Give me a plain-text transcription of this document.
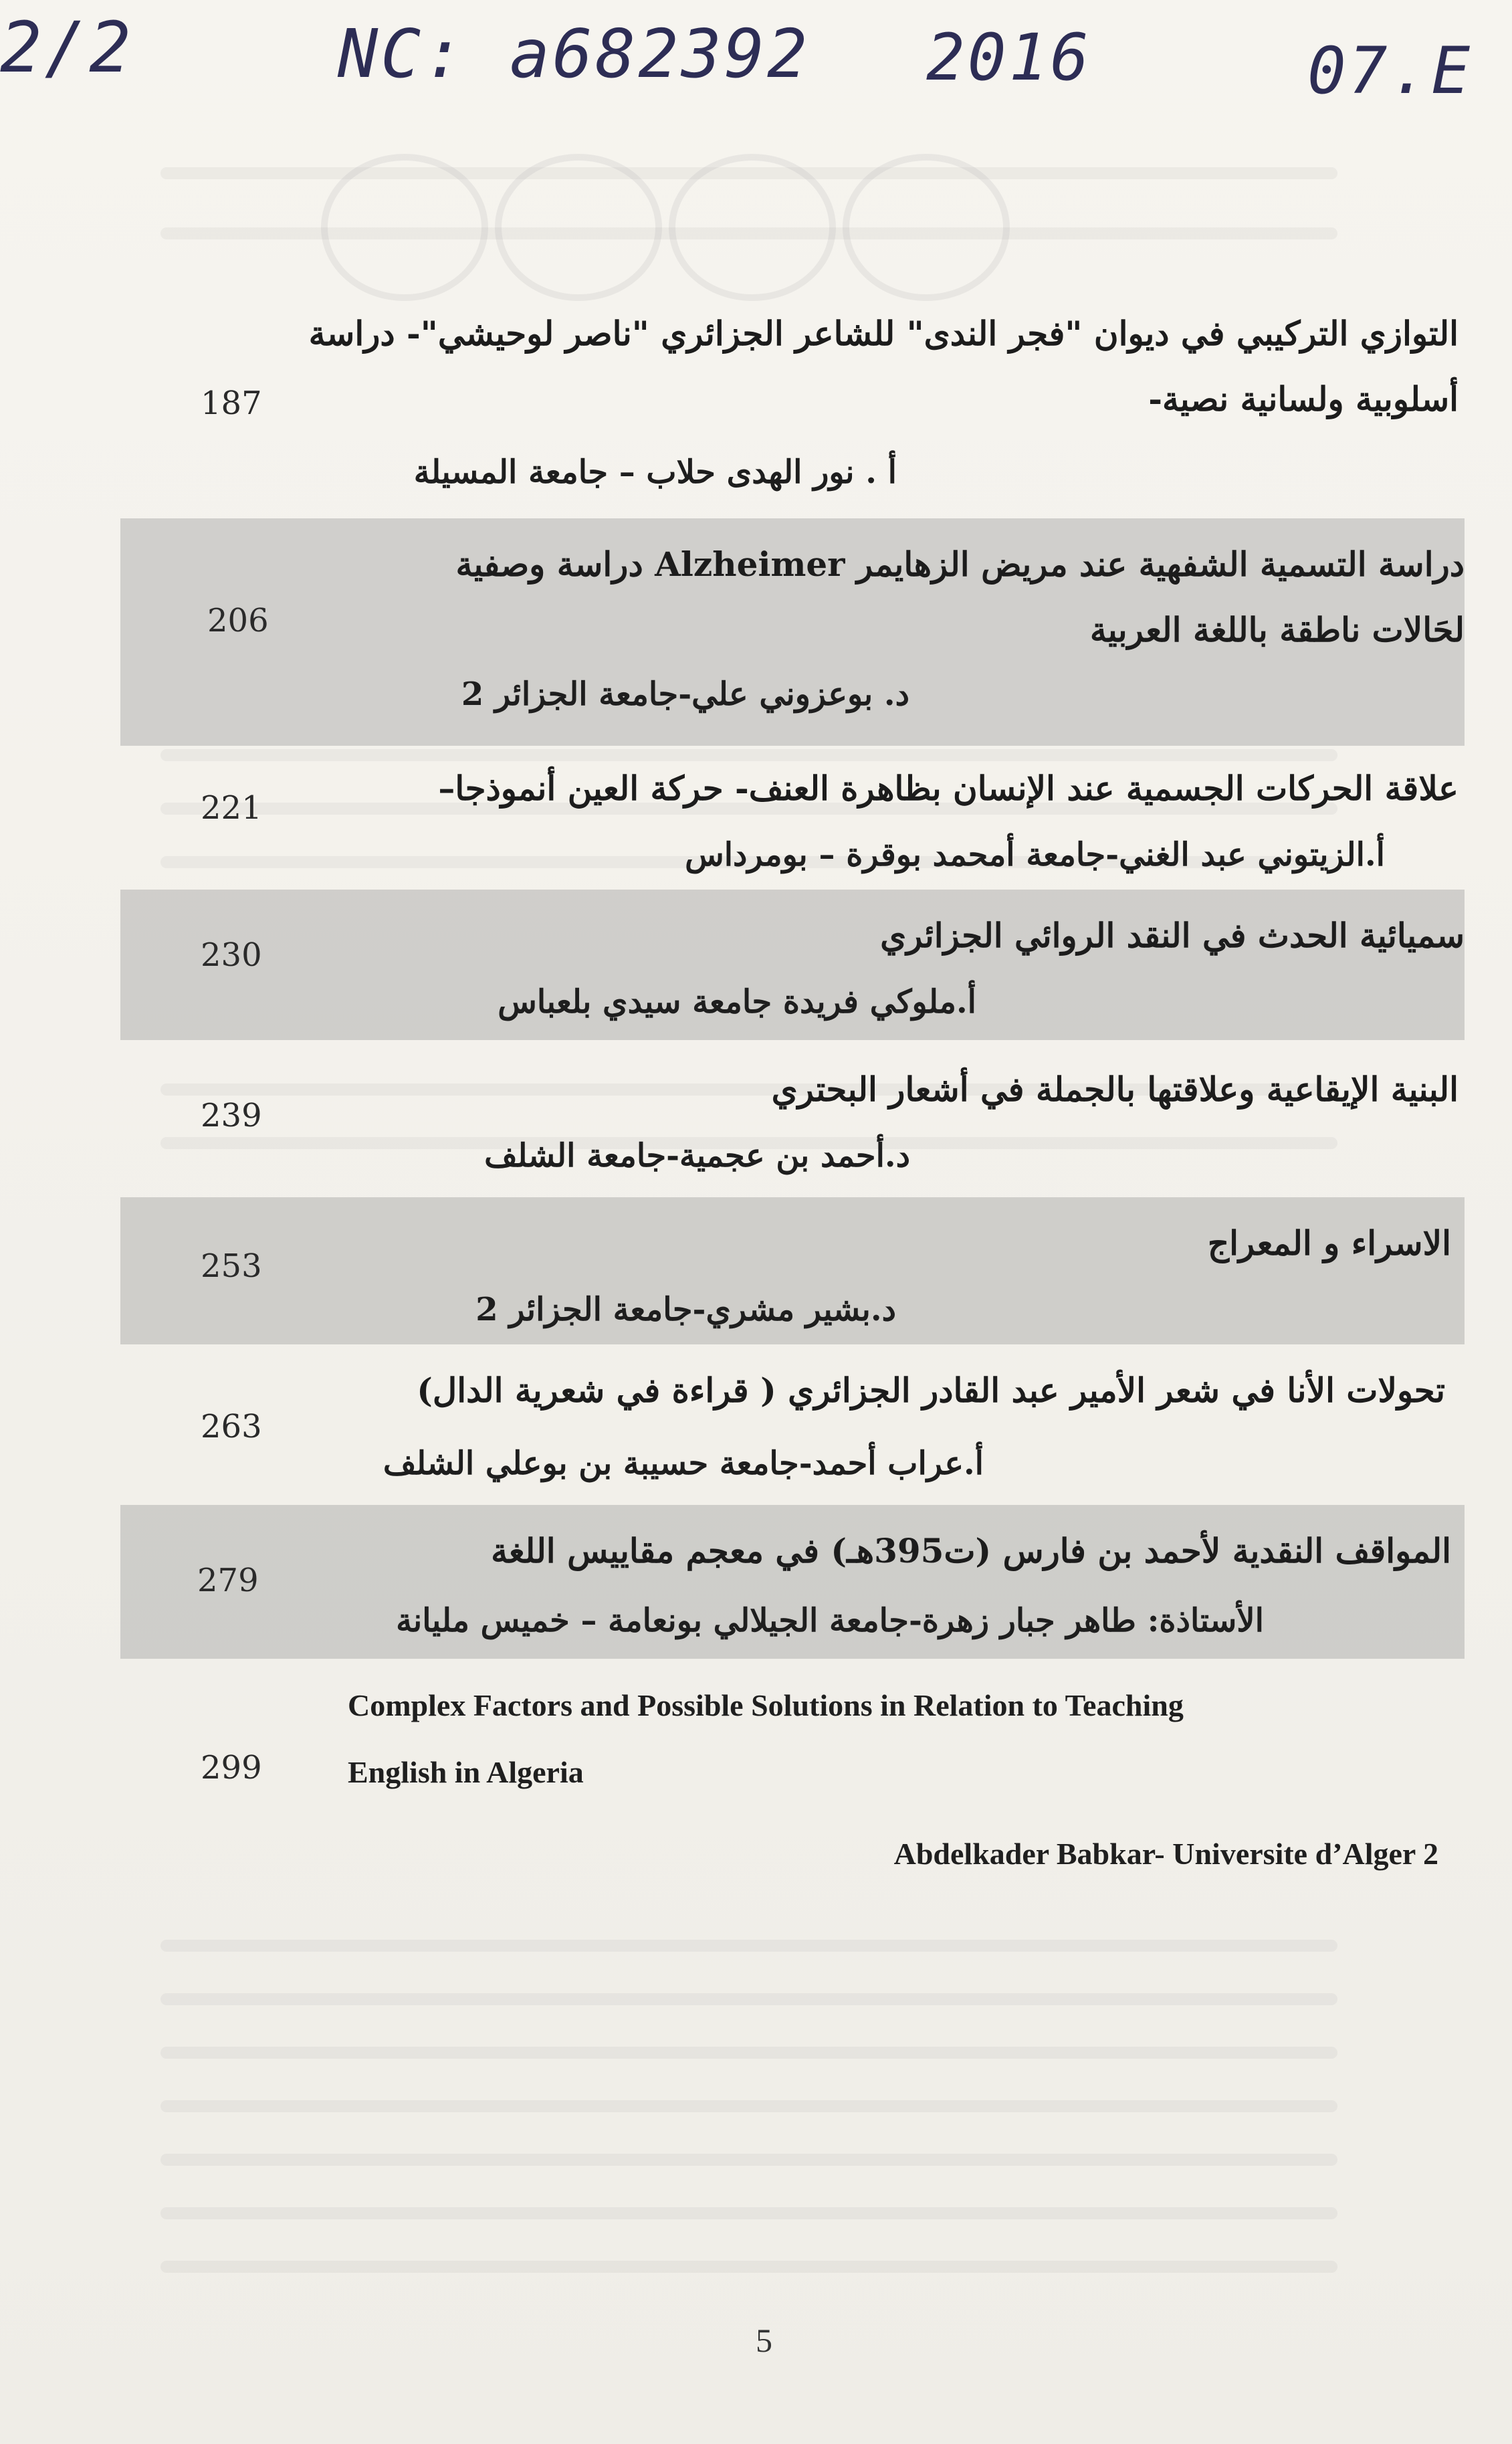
2/2	NC: a682392 2016	07.E
التوازي التركيبي في ديوان "فجر الندى" للشاعر الجزائري "ناصر لوحيشي"- دراسة
أسلوبية ولسانية نصية-
187
أ . نور الهدى حلاب – جامعة المسيلة
دراسة التسمية الشفهية عند مريض الزهايمر Alzheimer دراسة وصفية
لحَالات ناطقة باللغة العربية
206
د. بوعزوني علي-جامعة الجزائر 2
علاقة الحركات الجسمية عند الإنسان بظاهرة العنف- حركة العين أنموذجا–
221
أ.الزيتوني عبد الغني-جامعة أمحمد بوقرة – بومرداس
سميائية الحدث في النقد الروائي الجزائري
230
أ.ملوكي فريدة جامعة سيدي بلعباس
البنية الإيقاعية وعلاقتها بالجملة في أشعار البحتري
239
د.أحمد بن عجمية-جامعة الشلف
الاسراء و المعراج
253
د.بشير مشري-جامعة الجزائر 2
تحولات الأنا في شعر الأمير عبد القادر الجزائري ( قراءة في شعرية الدال)
263
أ.عراب أحمد-جامعة حسيبة بن بوعلي الشلف
المواقف النقدية لأحمد بن فارس (ت395هـ) في معجم مقاييس اللغة
279
الأستاذة: طاهر جبار زهرة-جامعة الجيلالي بونعامة – خميس مليانة
Complex Factors and Possible Solutions in Relation to Teaching
English in Algeria
299
Abdelkader Babkar- Universite d’Alger 2
5
